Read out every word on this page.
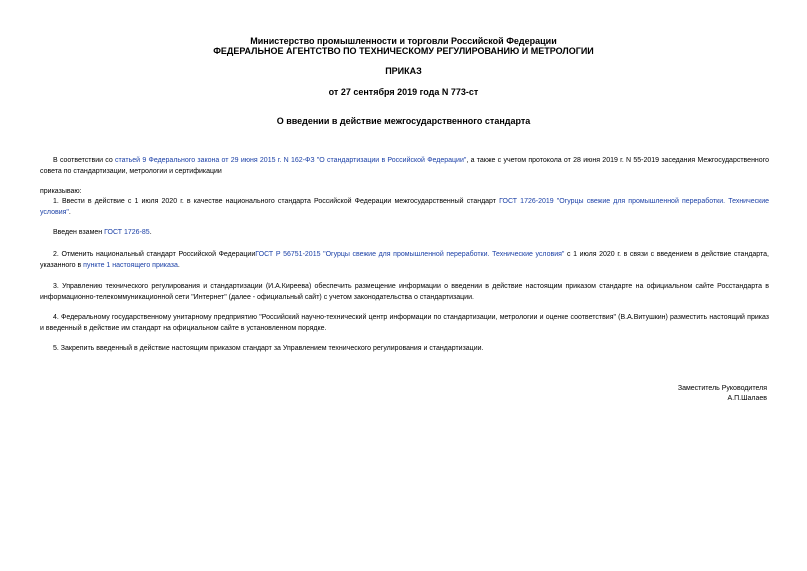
Министерство промышленности и торговли Российской Федерации
ФЕДЕРАЛЬНОЕ АГЕНТСТВО ПО ТЕХНИЧЕСКОМУ РЕГУЛИРОВАНИЮ И МЕТРОЛОГИИ
ПРИКАЗ
от 27 сентября 2019 года N 773-ст
О введении в действие межгосударственного стандарта
В соответствии со статьей 9 Федерального закона от 29 июня 2015 г. N 162-ФЗ "О стандартизации в Российской Федерации", а также с учетом протокола от 28 июня 2019 г. N 55-2019 заседания Межгосударственного совета по стандартизации, метрологии и сертификации
приказываю:
1. Ввести в действие с 1 июля 2020 г. в качестве национального стандарта Российской Федерации межгосударственный стандарт ГОСТ 1726-2019 "Огурцы свежие для промышленной переработки. Технические условия".
Введен взамен ГОСТ 1726-85.
2. Отменить национальный стандарт Российской ФедерацииГОСТ Р 56751-2015 "Огурцы свежие для промышленной переработки. Технические условия" с 1 июля 2020 г. в связи с введением в действие стандарта, указанного в пункте 1 настоящего приказа.
3. Управлению технического регулирования и стандартизации (И.А.Киреева) обеспечить размещение информации о введении в действие настоящим приказом стандарте на официальном сайте Росстандарта в информационно-телекоммуникационной сети "Интернет" (далее - официальный сайт) с учетом законодательства о стандартизации.
4. Федеральному государственному унитарному предприятию "Российский научно-технический центр информации по стандартизации, метрологии и оценке соответствия" (В.А.Витушкин) разместить настоящий приказ и введенный в действие им стандарт на официальном сайте в установленном порядке.
5. Закрепить введенный в действие настоящим приказом стандарт за Управлением технического регулирования и стандартизации.
Заместитель Руководителя
А.П.Шалаев
